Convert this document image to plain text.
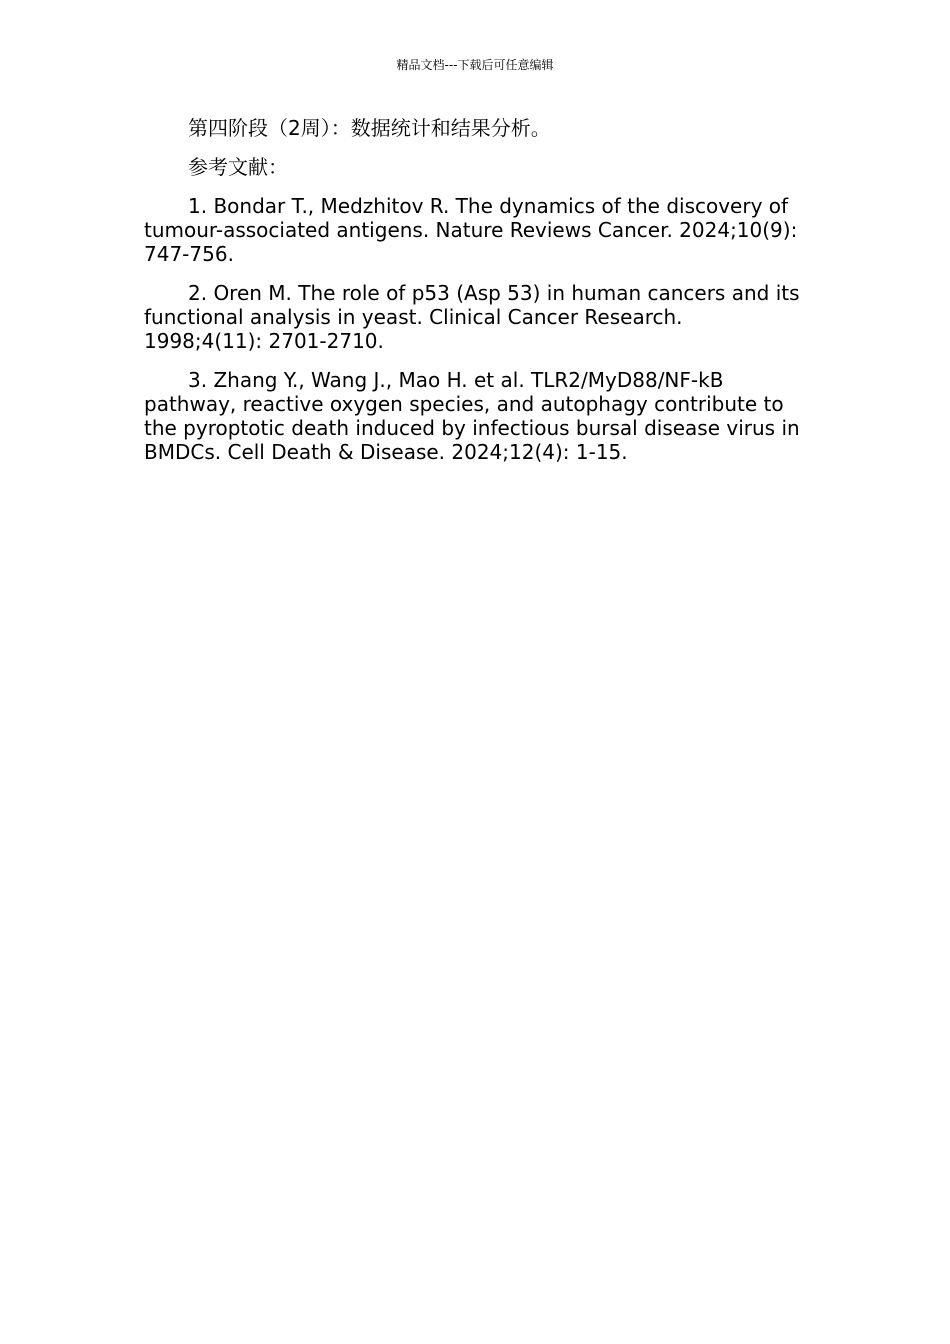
精品文档---下载后可任意编辑

第四阶段（2周）：数据统计和结果分析。

参考文献：

1. Bondar T., Medzhitov R. The dynamics of the discovery of tumour-associated antigens. Nature Reviews Cancer. 2024;10(9): 747-756.

2. Oren M. The role of p53 (Asp 53) in human cancers and its functional analysis in yeast. Clinical Cancer Research. 1998;4(11): 2701-2710.

3. Zhang Y., Wang J., Mao H. et al. TLR2/MyD88/NF-kB pathway, reactive oxygen species, and autophagy contribute to the pyroptotic death induced by infectious bursal disease virus in BMDCs. Cell Death & Disease. 2024;12(4): 1-15.
